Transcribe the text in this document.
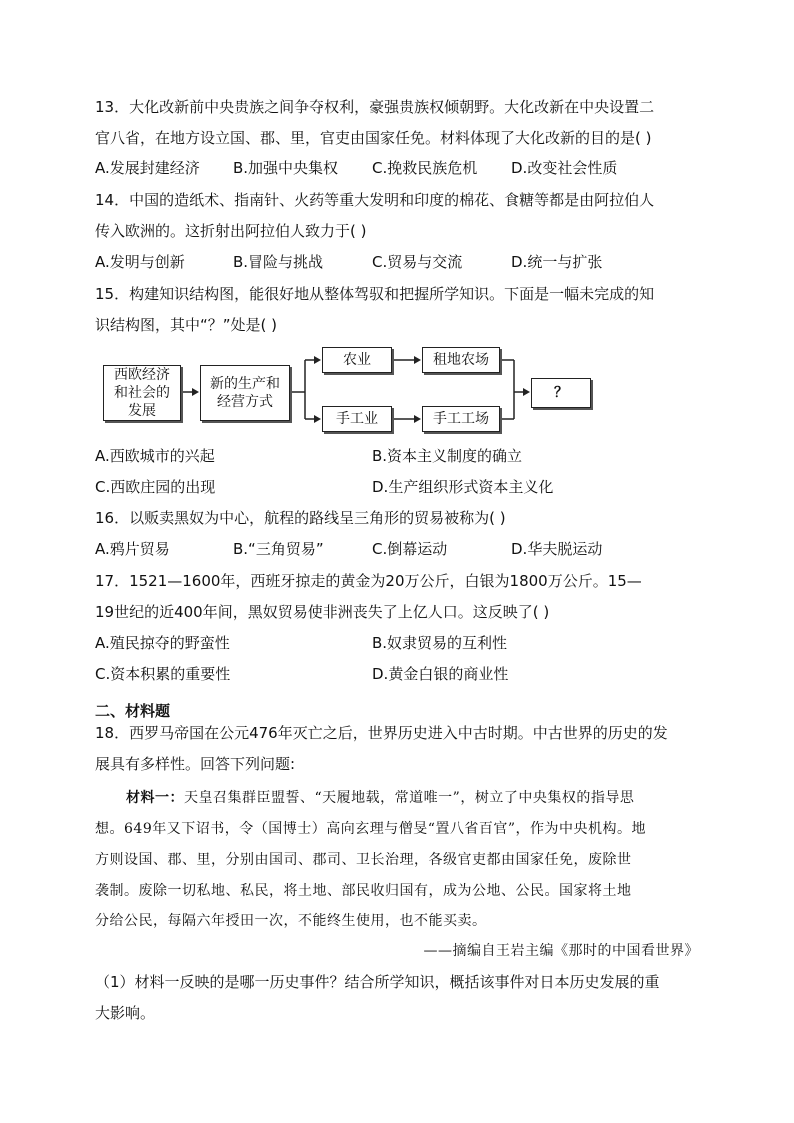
13．大化改新前中央贵族之间争夺权利，豪强贵族权倾朝野。大化改新在中央设置二
官八省，在地方设立国、郡、里，官吏由国家任免。材料体现了大化改新的目的是( )
A.发展封建经济 B.加强中央集权 C.挽救民族危机 D.改变社会性质
14．中国的造纸术、指南针、火药等重大发明和印度的棉花、食糖等都是由阿拉伯人
传入欧洲的。这折射出阿拉伯人致力于( )
A.发明与创新	B.冒险与挑战	C.贸易与交流	D.统一与扩张
15．构建知识结构图，能很好地从整体驾驭和把握所学知识。下面是一幅未完成的知
识结构图，其中“？”处是( )
西欧经济
和社会的
发展
新的生产和
经营方式
农业
手工业
租地农场
手工工场
？
A.西欧城市的兴起	B.资本主义制度的确立
C.西欧庄园的出现	D.生产组织形式资本主义化
16．以贩卖黑奴为中心，航程的路线呈三角形的贸易被称为( )
A.鸦片贸易	B.“三角贸易”	C.倒幕运动	D.华夫脱运动
17．1521—1600年，西班牙掠走的黄金为20万公斤，白银为1800万公斤。15—
19世纪的近400年间，黑奴贸易使非洲丧失了上亿人口。这反映了( )
A.殖民掠夺的野蛮性	B.奴隶贸易的互利性
C.资本积累的重要性	D.黄金白银的商业性
二、材料题
18．西罗马帝国在公元476年灭亡之后，世界历史进入中古时期。中古世界的历史的发
展具有多样性。回答下列问题:
材料一：天皇召集群臣盟誓、“天履地载，常道唯一”，树立了中央集权的指导思
想。649年又下诏书，令（国博士）高向玄理与僧旻“置八省百官”，作为中央机构。地
方则设国、郡、里，分别由国司、郡司、卫长治理，各级官吏都由国家任免，废除世
袭制。废除一切私地、私民，将土地、部民收归国有，成为公地、公民。国家将土地
分给公民，每隔六年授田一次，不能终生使用，也不能买卖。
——摘编自王岩主编《那时的中国看世界》
（1）材料一反映的是哪一历史事件？结合所学知识，概括该事件对日本历史发展的重
大影响。
